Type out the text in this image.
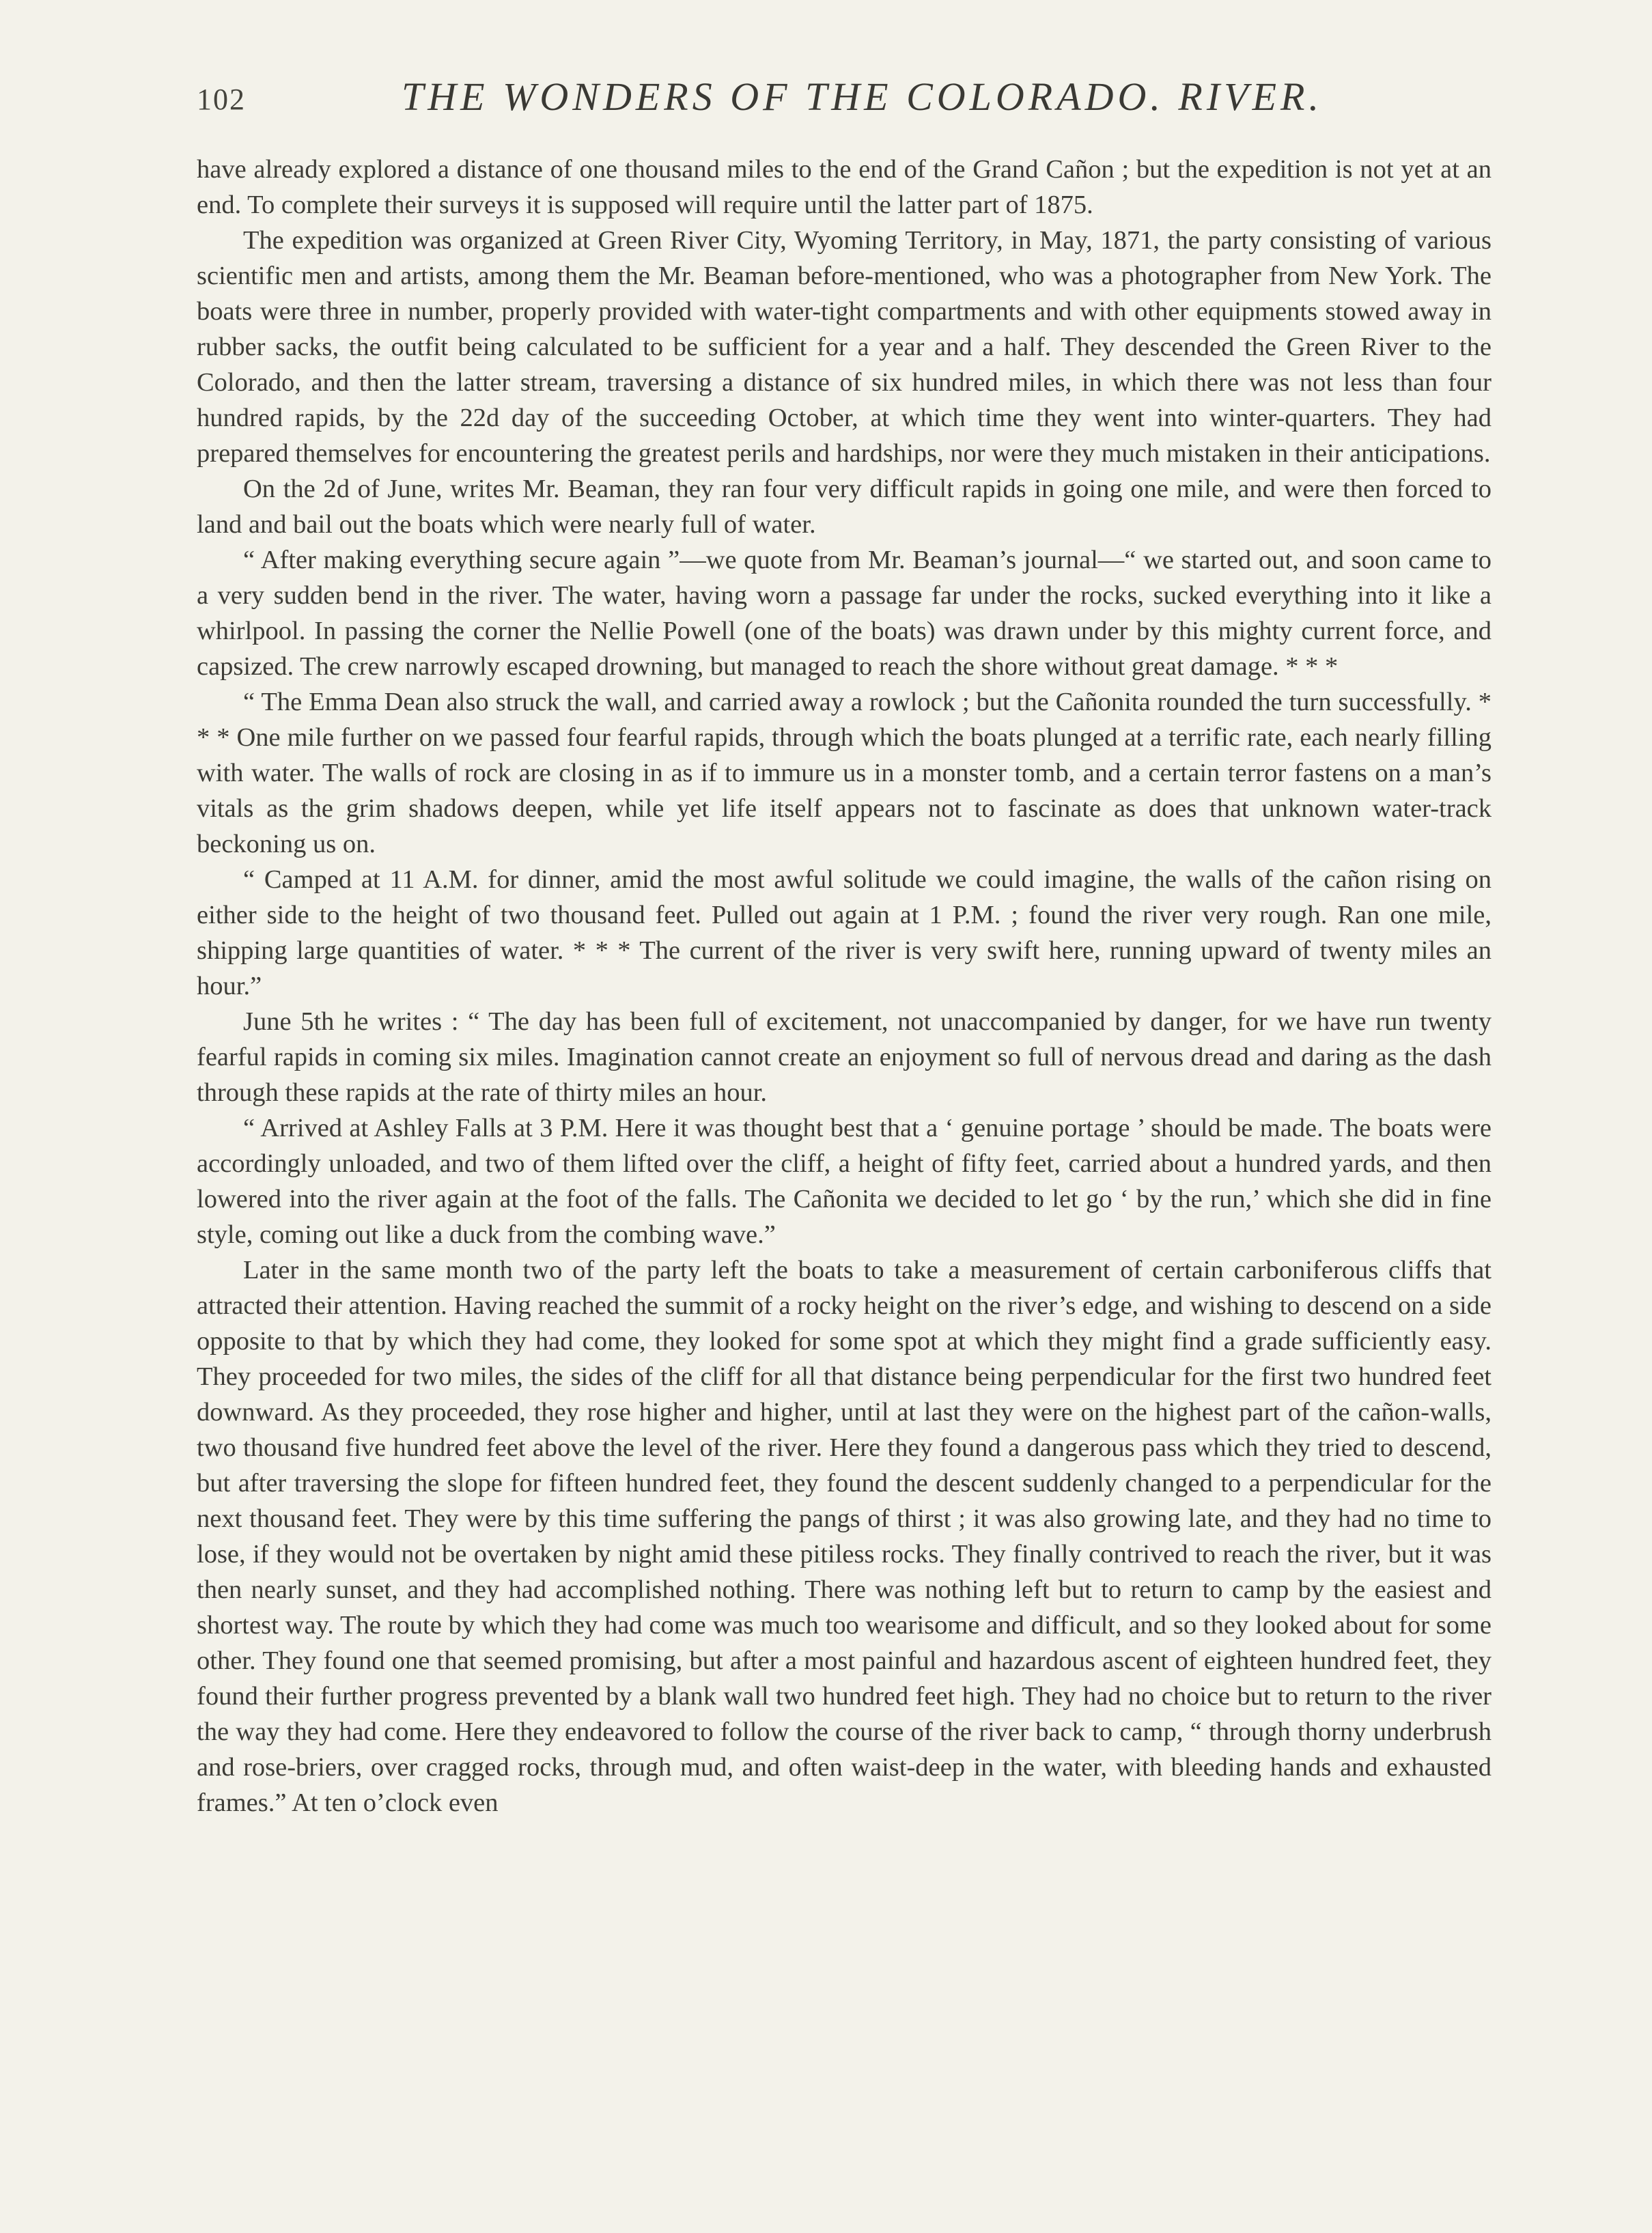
102	THE WONDERS OF THE COLORADO. RIVER.

have already explored a distance of one thousand miles to the end of the Grand Cañon ; but the expedition is not yet at an end. To complete their surveys it is supposed will require until the latter part of 1875.

The expedition was organized at Green River City, Wyoming Territory, in May, 1871, the party consisting of various scientific men and artists, among them the Mr. Beaman before-mentioned, who was a photographer from New York. The boats were three in number, properly provided with water-tight compartments and with other equipments stowed away in rubber sacks, the outfit being calculated to be sufficient for a year and a half. They descended the Green River to the Colorado, and then the latter stream, traversing a distance of six hundred miles, in which there was not less than four hundred rapids, by the 22d day of the succeeding October, at which time they went into winter-quarters. They had prepared themselves for encountering the greatest perils and hardships, nor were they much mistaken in their anticipations.

On the 2d of June, writes Mr. Beaman, they ran four very difficult rapids in going one mile, and were then forced to land and bail out the boats which were nearly full of water.

“ After making everything secure again ”—we quote from Mr. Beaman’s journal—“ we started out, and soon came to a very sudden bend in the river. The water, having worn a passage far under the rocks, sucked everything into it like a whirlpool. In passing the corner the Nellie Powell (one of the boats) was drawn under by this mighty current force, and capsized. The crew narrowly escaped drowning, but managed to reach the shore without great damage. * * *

“ The Emma Dean also struck the wall, and carried away a rowlock ; but the Cañonita rounded the turn successfully. * * * One mile further on we passed four fearful rapids, through which the boats plunged at a terrific rate, each nearly filling with water. The walls of rock are closing in as if to immure us in a monster tomb, and a certain terror fastens on a man’s vitals as the grim shadows deepen, while yet life itself appears not to fascinate as does that unknown water-track beckoning us on.

“ Camped at 11 A.M. for dinner, amid the most awful solitude we could imagine, the walls of the cañon rising on either side to the height of two thousand feet. Pulled out again at 1 P.M. ; found the river very rough. Ran one mile, shipping large quantities of water. * * * The current of the river is very swift here, running upward of twenty miles an hour.”

June 5th he writes : “ The day has been full of excitement, not unaccompanied by danger, for we have run twenty fearful rapids in coming six miles. Imagination cannot create an enjoyment so full of nervous dread and daring as the dash through these rapids at the rate of thirty miles an hour.

“ Arrived at Ashley Falls at 3 P.M. Here it was thought best that a ‘ genuine portage ’ should be made. The boats were accordingly unloaded, and two of them lifted over the cliff, a height of fifty feet, carried about a hundred yards, and then lowered into the river again at the foot of the falls. The Cañonita we decided to let go ‘ by the run,’ which she did in fine style, coming out like a duck from the combing wave.”

Later in the same month two of the party left the boats to take a measurement of certain carboniferous cliffs that attracted their attention. Having reached the summit of a rocky height on the river’s edge, and wishing to descend on a side opposite to that by which they had come, they looked for some spot at which they might find a grade sufficiently easy. They proceeded for two miles, the sides of the cliff for all that distance being perpendicular for the first two hundred feet downward. As they proceeded, they rose higher and higher, until at last they were on the highest part of the cañon-walls, two thousand five hundred feet above the level of the river. Here they found a dangerous pass which they tried to descend, but after traversing the slope for fifteen hundred feet, they found the descent suddenly changed to a perpendicular for the next thousand feet. They were by this time suffering the pangs of thirst ; it was also growing late, and they had no time to lose, if they would not be overtaken by night amid these pitiless rocks. They finally contrived to reach the river, but it was then nearly sunset, and they had accomplished nothing. There was nothing left but to return to camp by the easiest and shortest way. The route by which they had come was much too wearisome and difficult, and so they looked about for some other. They found one that seemed promising, but after a most painful and hazardous ascent of eighteen hundred feet, they found their further progress prevented by a blank wall two hundred feet high. They had no choice but to return to the river the way they had come. Here they endeavored to follow the course of the river back to camp, “ through thorny underbrush and rose-briers, over cragged rocks, through mud, and often waist-deep in the water, with bleeding hands and exhausted frames.” At ten o’clock even
